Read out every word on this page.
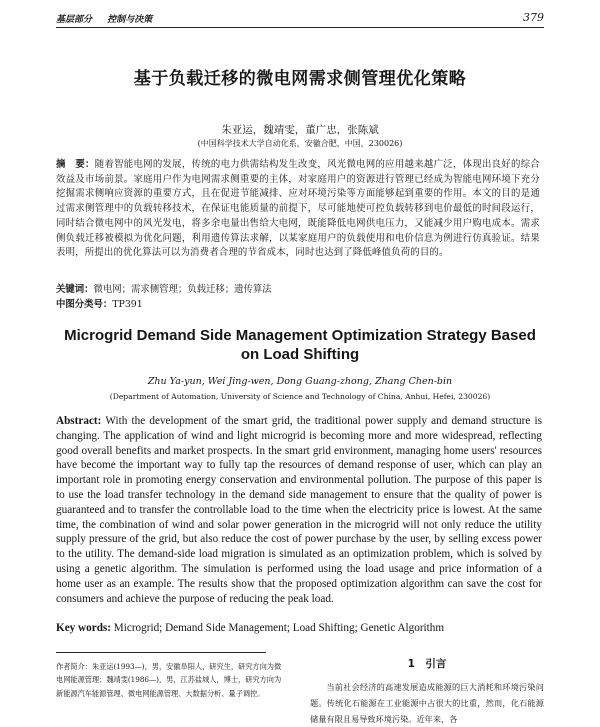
基层部分 　 控制与决策	379
基于负载迁移的微电网需求侧管理优化策略
朱亚运，魏靖雯，董广忠，张陈斌
(中国科学技术大学自动化系，安徽合肥，中国，230026)
摘　要：随着智能电网的发展，传统的电力供需结构发生改变，风光微电网的应用越来越广泛，体现出良好的综合效益及市场前景。家庭用户作为电网需求侧重要的主体，对家庭用户的资源进行管理已经成为智能电网环境下充分挖掘需求侧响应资源的重要方式，且在促进节能减排、应对环境污染等方面能够起到重要的作用。本文的目的是通过需求侧管理中的负载转移技术，在保证电能质量的前提下，尽可能地使可控负载转移到电价最低的时间段运行，同时结合微电网中的风光发电，将多余电量出售给大电网，既能降低电网供电压力，又能减少用户购电成本。需求侧负载迁移被模拟为优化问题，利用遗传算法求解，以某家庭用户的负载使用和电价信息为例进行仿真验证。结果表明，所提出的优化算法可以为消费者合理的节省成本，同时也达到了降低峰值负荷的目的。
关键词：微电网；需求侧管理；负载迁移；遗传算法
中图分类号：TP391
Microgrid Demand Side Management Optimization Strategy Based
on Load Shifting
Zhu Ya-yun, Wei Jing-wen, Dong Guang-zhong, Zhang Chen-bin
(Department of Automation, University of Science and Technology of China, Anhui, Hefei, 230026)
Abstract: With the development of the smart grid, the traditional power supply and demand structure is changing. The application of wind and light microgrid is becoming more and more widespread, reflecting good overall benefits and market prospects. In the smart grid environment, managing home users' resources have become the important way to fully tap the resources of demand response of user, which can play an important role in promoting energy conservation and environmental pollution. The purpose of this paper is to use the load transfer technology in the demand side management to ensure that the quality of power is guaranteed and to transfer the controllable load to the time when the electricity price is lowest. At the same time, the combination of wind and solar power generation in the microgrid will not only reduce the utility supply pressure of the grid, but also reduce the cost of power purchase by the user, by selling excess power to the utility. The demand-side load migration is simulated as an optimization problem, which is solved by using a genetic algorithm. The simulation is performed using the load usage and price information of a home user as an example. The results show that the proposed optimization algorithm can save the cost for consumers and achieve the purpose of reducing the peak load.
Key words: Microgrid; Demand Side Management; Load Shifting; Genetic Algorithm
作者简介：朱亚运(1993—)，男，安徽阜阳人，研究生，研究方向为微
电网能源管理；魏靖雯(1986—)，男，江苏盐城人，博士，研究方向为
新能源汽车能源管理、微电网能源管理、大数据分析、量子调控。
1　引言
当前社会经济的高速发展造成能源的巨大消耗和环境污染问题。传统化石能源在工业能源中占很大的比重，然而，化石能源储量有限且易导致环境污染。近年来，各
